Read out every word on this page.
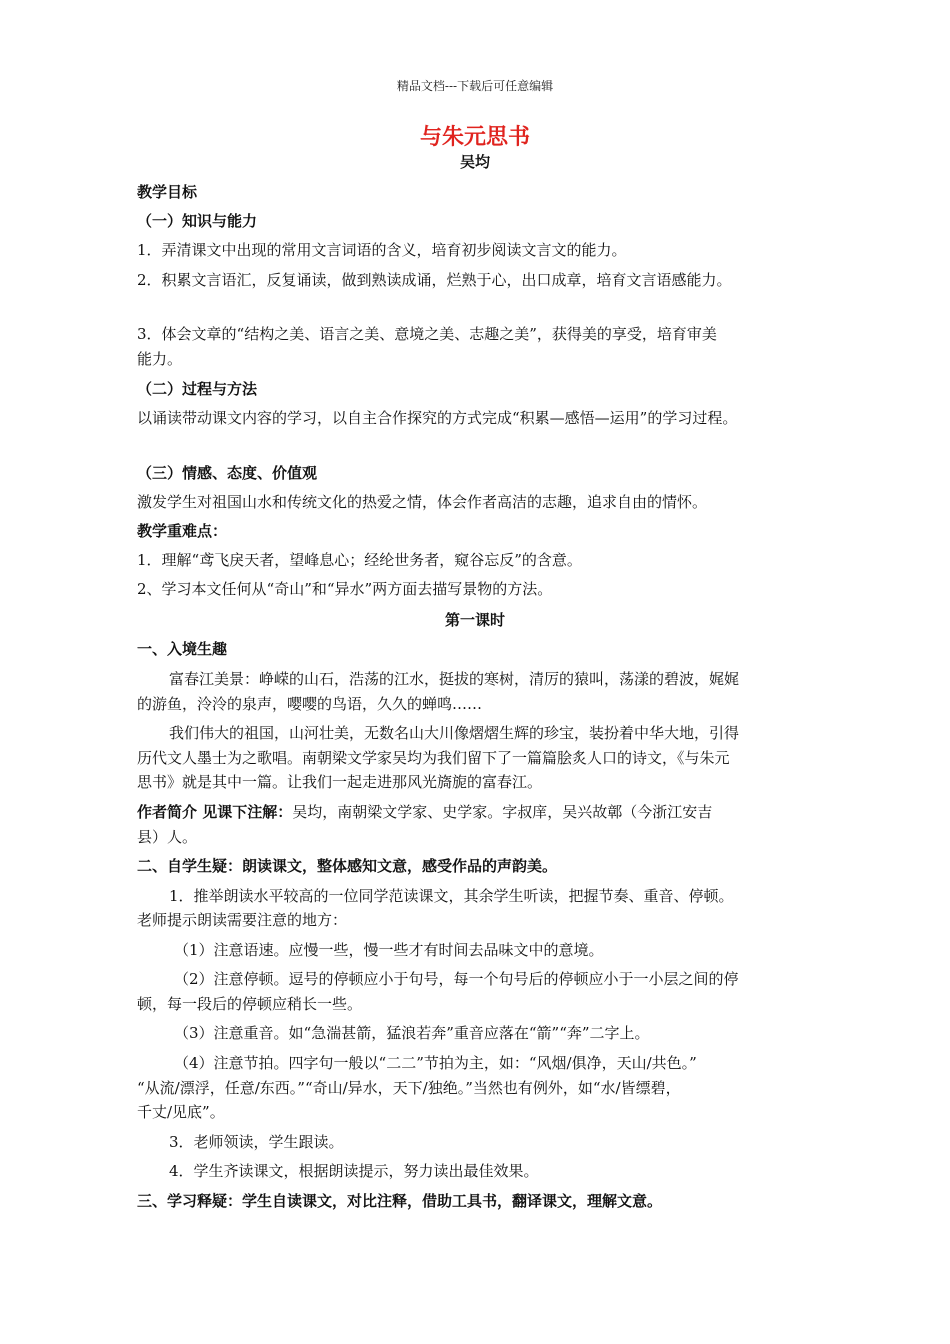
精品文档---下载后可任意编辑
与朱元思书
吴均
教学目标
（一）知识与能力
1．弄清课文中出现的常用文言词语的含义，培育初步阅读文言文的能力。
2．积累文言语汇，反复诵读，做到熟读成诵，烂熟于心，出口成章，培育文言语感能力。
3．体会文章的“结构之美、语言之美、意境之美、志趣之美”，获得美的享受，培育审美
能力。
（二）过程与方法
以诵读带动课文内容的学习，以自主合作探究的方式完成“积累—感悟—运用”的学习过程。
（三）情感、态度、价值观
激发学生对祖国山水和传统文化的热爱之情，体会作者高洁的志趣，追求自由的情怀。
教学重难点：
1．理解“鸢飞戾天者，望峰息心；经纶世务者，窥谷忘反”的含意。
2、学习本文任何从“奇山”和“异水”两方面去描写景物的方法。
第一课时
一、入境生趣
富春江美景：峥嵘的山石，浩荡的江水，挺拔的寒树，清厉的猿叫，荡漾的碧波，娓娓
的游鱼，泠泠的泉声，嘤嘤的鸟语，久久的蝉鸣……
我们伟大的祖国，山河壮美，无数名山大川像熠熠生辉的珍宝，装扮着中华大地，引得
历代文人墨士为之歌唱。南朝梁文学家吴均为我们留下了一篇篇脍炙人口的诗文，《与朱元
思书》就是其中一篇。让我们一起走进那风光旖旎的富春江。
作者简介 见课下注解：吴均，南朝梁文学家、史学家。字叔庠，吴兴故鄣（今浙江安吉
县）人。
二、自学生疑：朗读课文，整体感知文意，感受作品的声韵美。
1．推举朗读水平较高的一位同学范读课文，其余学生听读，把握节奏、重音、停顿。
老师提示朗读需要注意的地方：
（1）注意语速。应慢一些，慢一些才有时间去品味文中的意境。
（2）注意停顿。逗号的停顿应小于句号，每一个句号后的停顿应小于一小层之间的停
顿，每一段后的停顿应稍长一些。
（3）注意重音。如“急湍甚箭，猛浪若奔”重音应落在“箭”“奔”二字上。
（4）注意节拍。四字句一般以“二二”节拍为主，如：“风烟/俱净，天山/共色。”
“从流/漂浮，任意/东西。”“奇山/异水，天下/独绝。”当然也有例外，如“水/皆缥碧，
千丈/见底”。
3．老师领读，学生跟读。
4．学生齐读课文，根据朗读提示，努力读出最佳效果。
三、学习释疑：学生自读课文，对比注释，借助工具书，翻译课文，理解文意。
